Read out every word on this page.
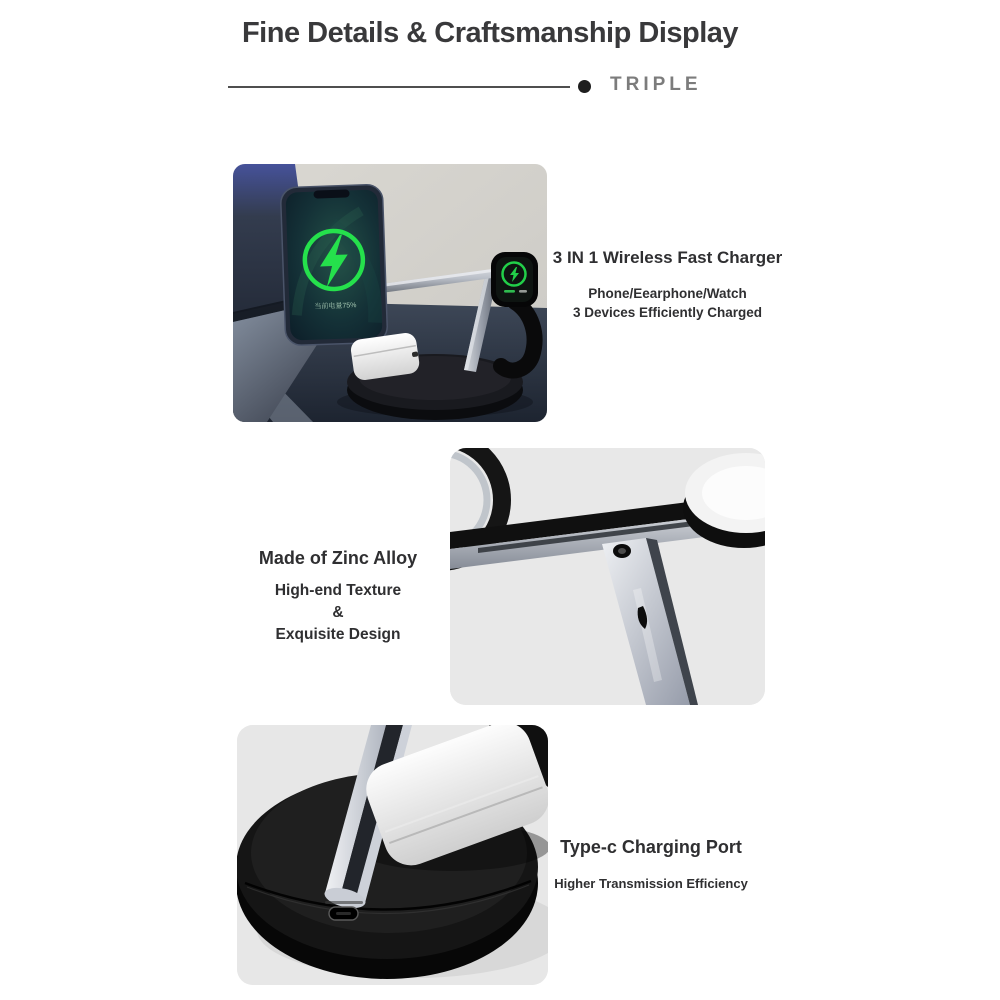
Fine Details & Craftsmanship Display
TRIPLE
当前电量75%
3 IN 1 Wireless Fast Charger
Phone/Eearphone/Watch
3 Devices Efficiently Charged
Made of Zinc Alloy
High-end Texture
&
Exquisite Design
Type-c Charging Port
Higher Transmission Efficiency
